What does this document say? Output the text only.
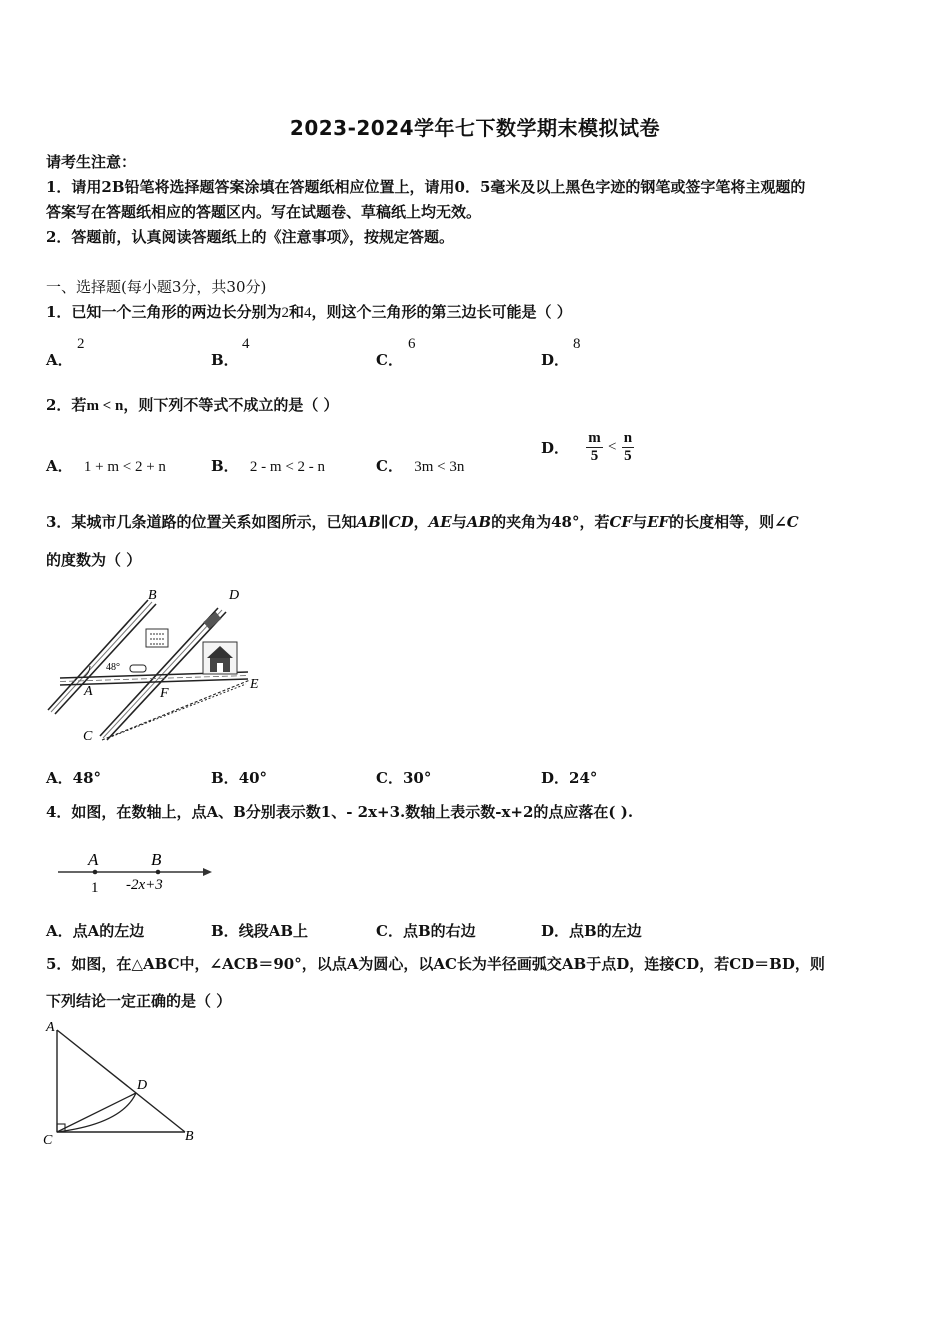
2023-2024学年七下数学期末模拟试卷
请考生注意：
1．请用2B铅笔将选择题答案涂填在答题纸相应位置上，请用0．5毫米及以上黑色字迹的钢笔或签字笔将主观题的
答案写在答题纸相应的答题区内。写在试题卷、草稿纸上均无效。
2．答题前，认真阅读答题纸上的《注意事项》，按规定答题。
一、选择题(每小题3分，共30分)
1．已知一个三角形的两边长分别为2和4，则这个三角形的第三边长可能是（ ）
A．
2
B．
4
C．
6
D．
8
2．若m < n，则下列不等式不成立的是（ ）
A． 1 + m < 2 + n	B． 2 - m < 2 - n	C． 3m < 3n
D． $\frac{m}{5} < \frac{n}{5}$
3．某城市几条道路的位置关系如图所示，已知AB∥CD，AE与AB的夹角为48°，若CF与EF的长度相等，则∠C
的度数为（ ）
B	D
A	F
E
C
48°
A．48°	B．40°	C．30°	D．24°
4．如图，在数轴上，点A、B分别表示数1、- 2x+3.数轴上表示数-x+2的点应落在( ).
A	B
1 -2x+3
A．点A的左边	B．线段AB上	C．点B的右边	D．点B的左边
5．如图，在△ABC中，∠ACB＝90°，以点A为圆心，以AC长为半径画弧交AB于点D，连接CD，若CD＝BD，则
下列结论一定正确的是（ ）
A
D
C	B
